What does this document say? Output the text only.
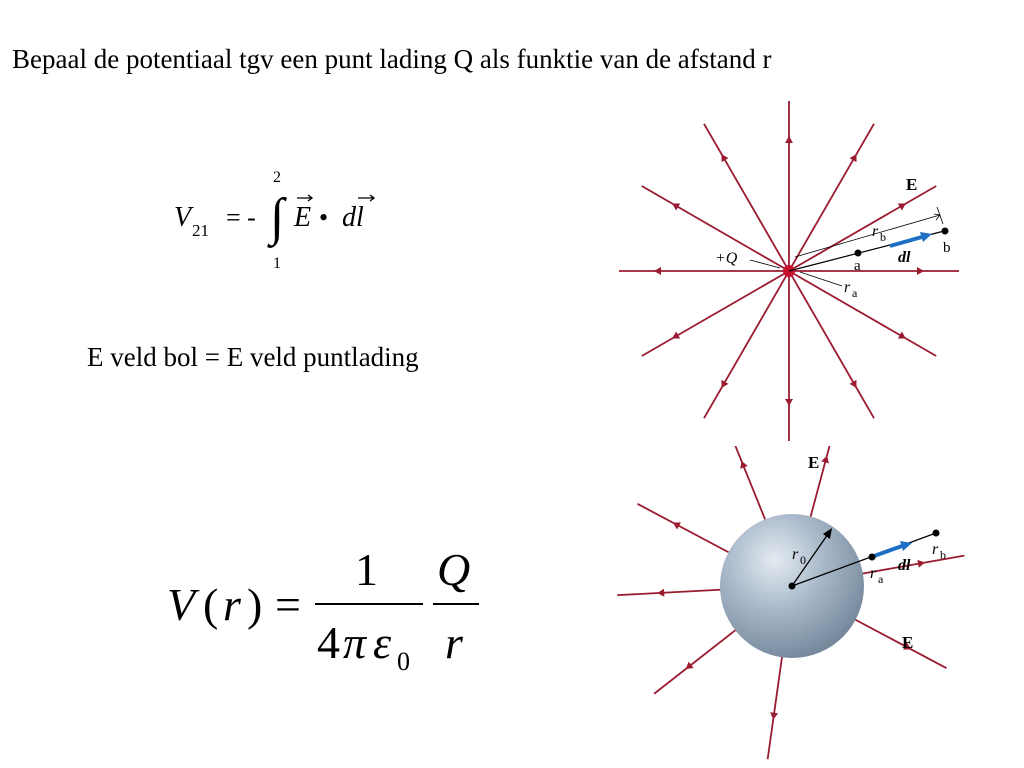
Bepaal de potentiaal tgv een punt lading Q als funktie van de afstand r
V 21 = - ∫
2
1
E • dl
E veld bol = E veld puntlading
V ( r ) =
1
4 π ε 0
Q
r
+Q
E
r b
r a
dl
a
b
E
E
r 0	dl
r a
r b
